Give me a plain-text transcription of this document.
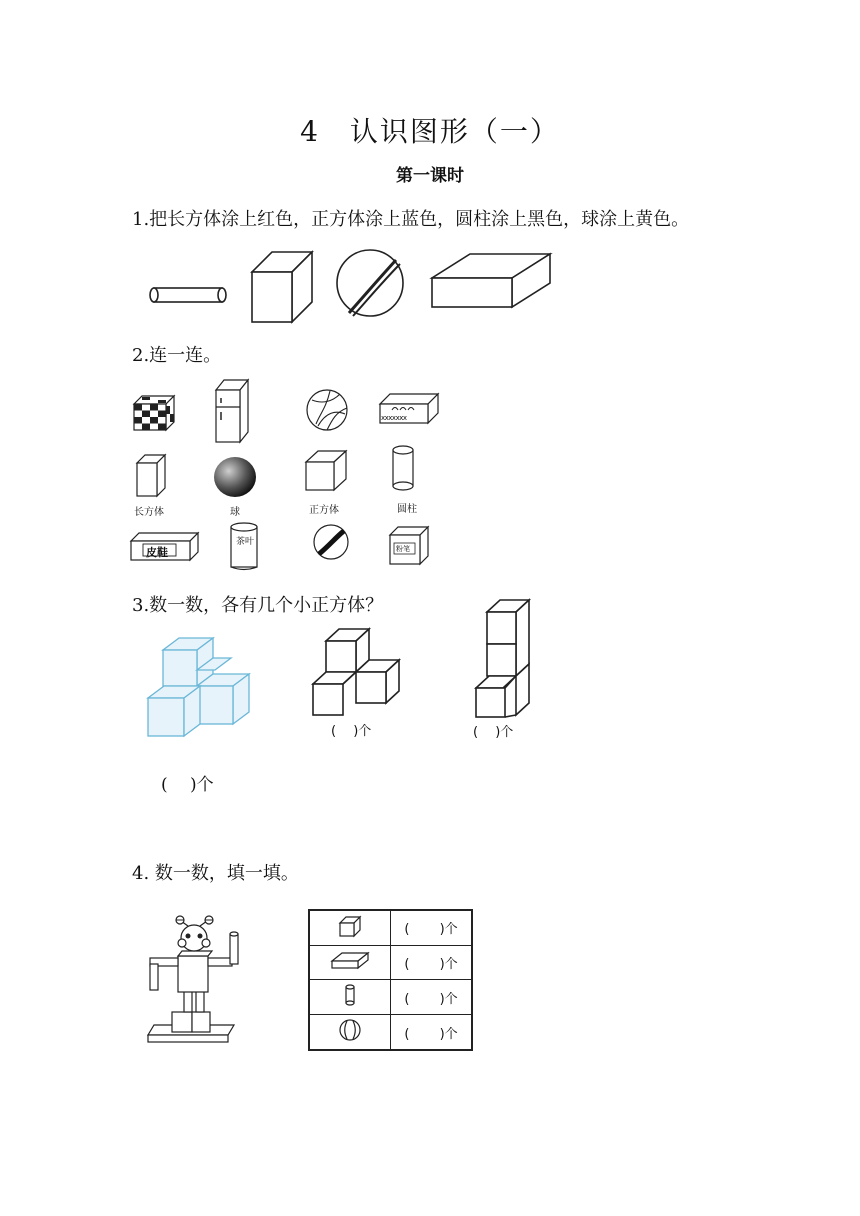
4　认识图形（一）
第一课时
1.把长方体涂上红色，正方体涂上蓝色，圆柱涂上黑色，球涂上黄色。
2.连一连。
xxxxxxx
长方体	球	正方体	圆柱
皮鞋
茶叶
粉笔
3.数一数，各有几个小正方体？
(　 )个	(　 )个
(　 )个
4. 数一数，填一填。
	(　 　)个
	(　 　)个
	(　 　)个
	(　 　)个
